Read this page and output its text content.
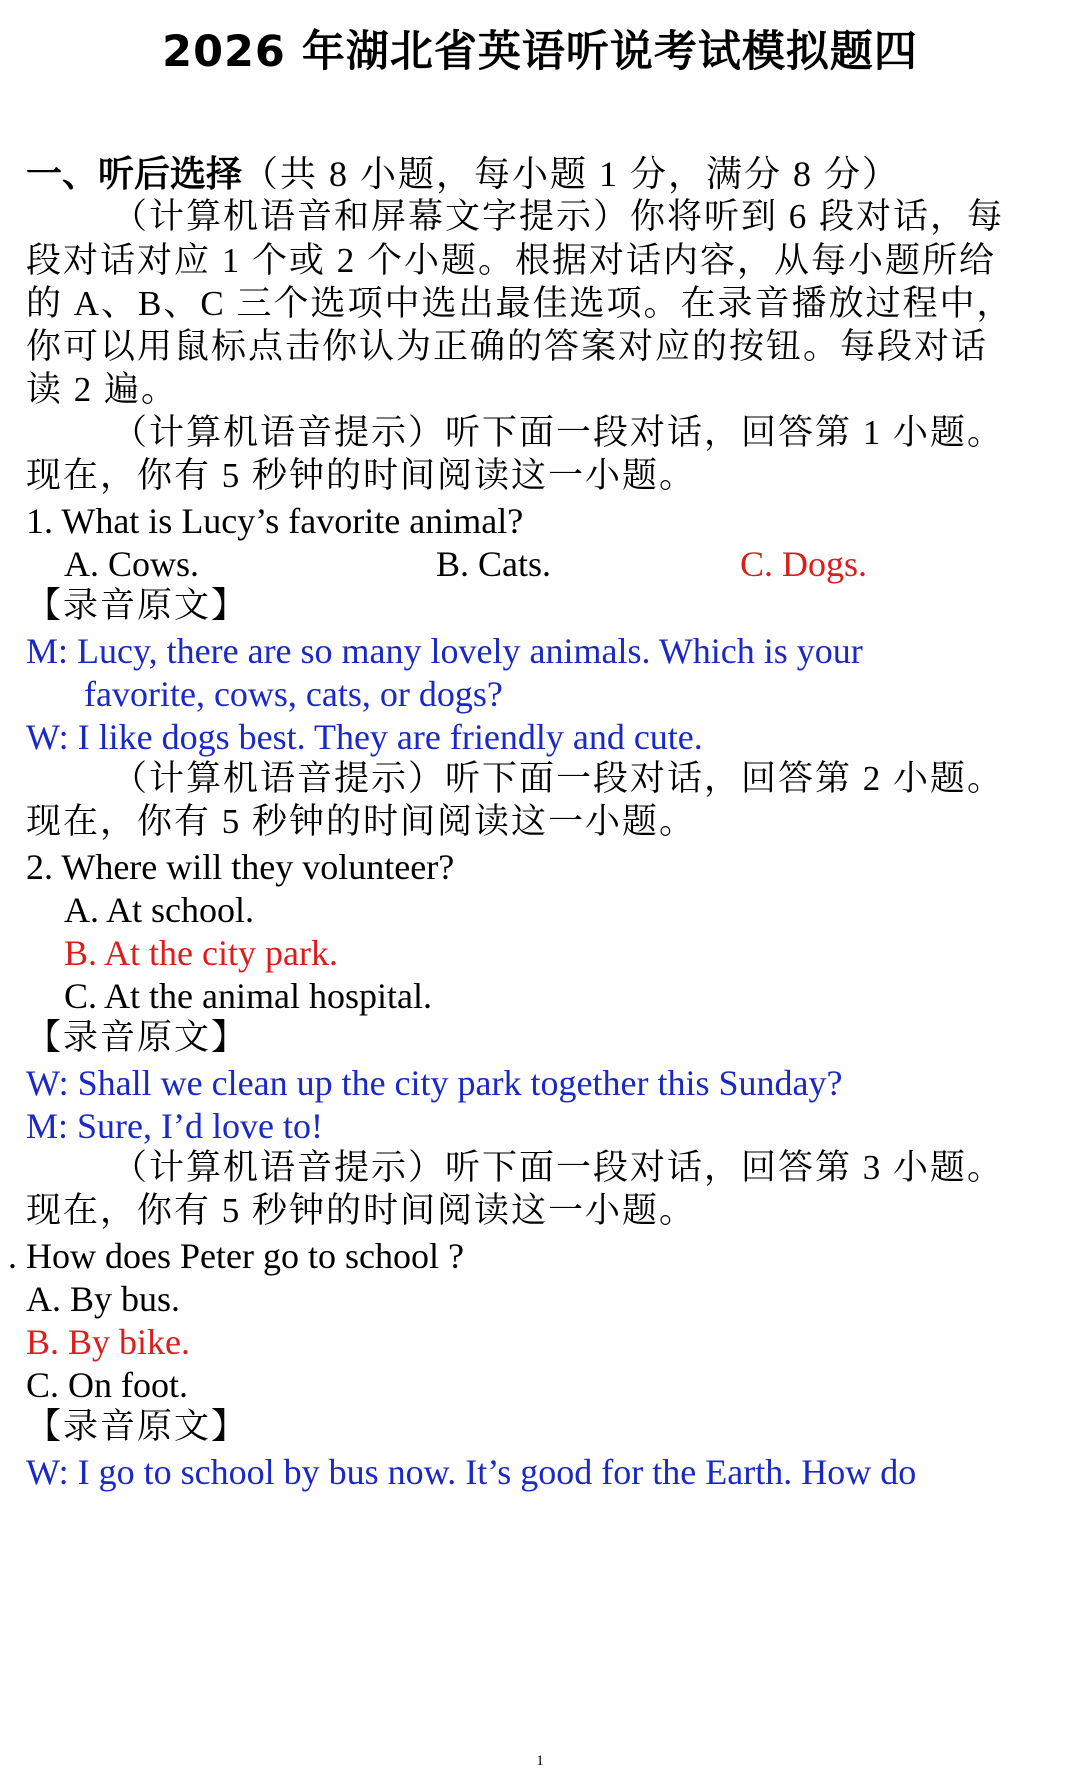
2026 年湖北省英语听说考试模拟题四
一、听后选择（共 8 小题，每小题 1 分，满分 8 分）
（计算机语音和屏幕文字提示）你将听到 6 段对话，每
段对话对应 1 个或 2 个小题。根据对话内容，从每小题所给
的 A、B、C 三个选项中选出最佳选项。在录音播放过程中，
你可以用鼠标点击你认为正确的答案对应的按钮。每段对话
读 2 遍。
（计算机语音提示）听下面一段对话，回答第 1 小题。
现在，你有 5 秒钟的时间阅读这一小题。
1. What is Lucy’s favorite animal?
A. Cows.	B. Cats.	C. Dogs.
【录音原文】
M: Lucy, there are so many lovely animals. Which is your
favorite, cows, cats, or dogs?
W: I like dogs best. They are friendly and cute.
（计算机语音提示）听下面一段对话，回答第 2 小题。
现在，你有 5 秒钟的时间阅读这一小题。
2. Where will they volunteer?
A. At school.
B. At the city park.
C. At the animal hospital.
【录音原文】
W: Shall we clean up the city park together this Sunday?
M: Sure, I’d love to!
（计算机语音提示）听下面一段对话，回答第 3 小题。
现在，你有 5 秒钟的时间阅读这一小题。
. How does Peter go to school ?
A. By bus.
B. By bike.
C. On foot.
【录音原文】
W: I go to school by bus now. It’s good for the Earth. How do
1
